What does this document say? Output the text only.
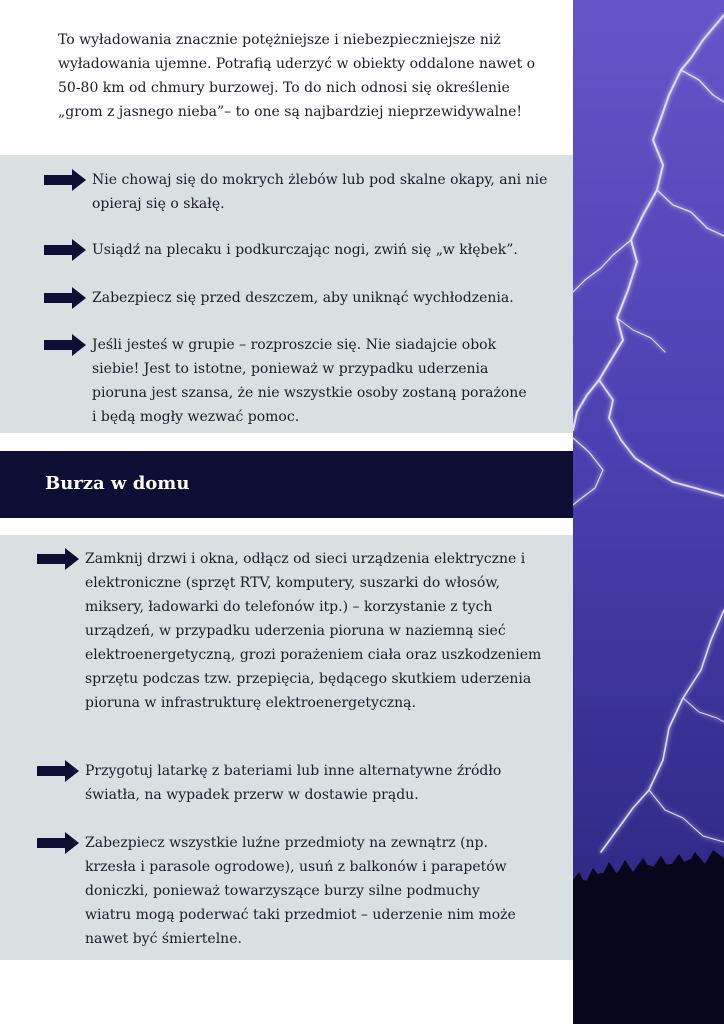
To wyładowania znacznie potężniejsze i niebezpieczniejsze niż wyładowania ujemne. Potrafią uderzyć w obiekty oddalone nawet o 50-80 km od chmury burzowej. To do nich odnosi się określenie „grom z jasnego nieba”– to one są najbardziej nieprzewidywalne!

Nie chowaj się do mokrych żlebów lub pod skalne okapy, ani nie opieraj się o skałę.

Usiądź na plecaku i podkurczając nogi, zwiń się „w kłębek”.

Zabezpiecz się przed deszczem, aby uniknąć wychłodzenia.

Jeśli jesteś w grupie – rozproszcie się. Nie siadajcie obok siebie! Jest to istotne, ponieważ w przypadku uderzenia pioruna jest szansa, że nie wszystkie osoby zostaną porażone i będą mogły wezwać pomoc.

Burza w domu

Zamknij drzwi i okna, odłącz od sieci urządzenia elektryczne i elektroniczne (sprzęt RTV, komputery, suszarki do włosów, miksery, ładowarki do telefonów itp.) – korzystanie z tych urządzeń, w przypadku uderzenia pioruna w naziemną sieć elektroenergetyczną, grozi porażeniem ciała oraz uszkodzeniem sprzętu podczas tzw. przepięcia, będącego skutkiem uderzenia pioruna w infrastrukturę elektroenergetyczną.

Przygotuj latarkę z bateriami lub inne alternatywne źródło światła, na wypadek przerw w dostawie prądu.

Zabezpiecz wszystkie luźne przedmioty na zewnątrz (np. krzesła i parasole ogrodowe), usuń z balkonów i parapetów doniczki, ponieważ towarzyszące burzy silne podmuchy wiatru mogą poderwać taki przedmiot – uderzenie nim może nawet być śmiertelne.
